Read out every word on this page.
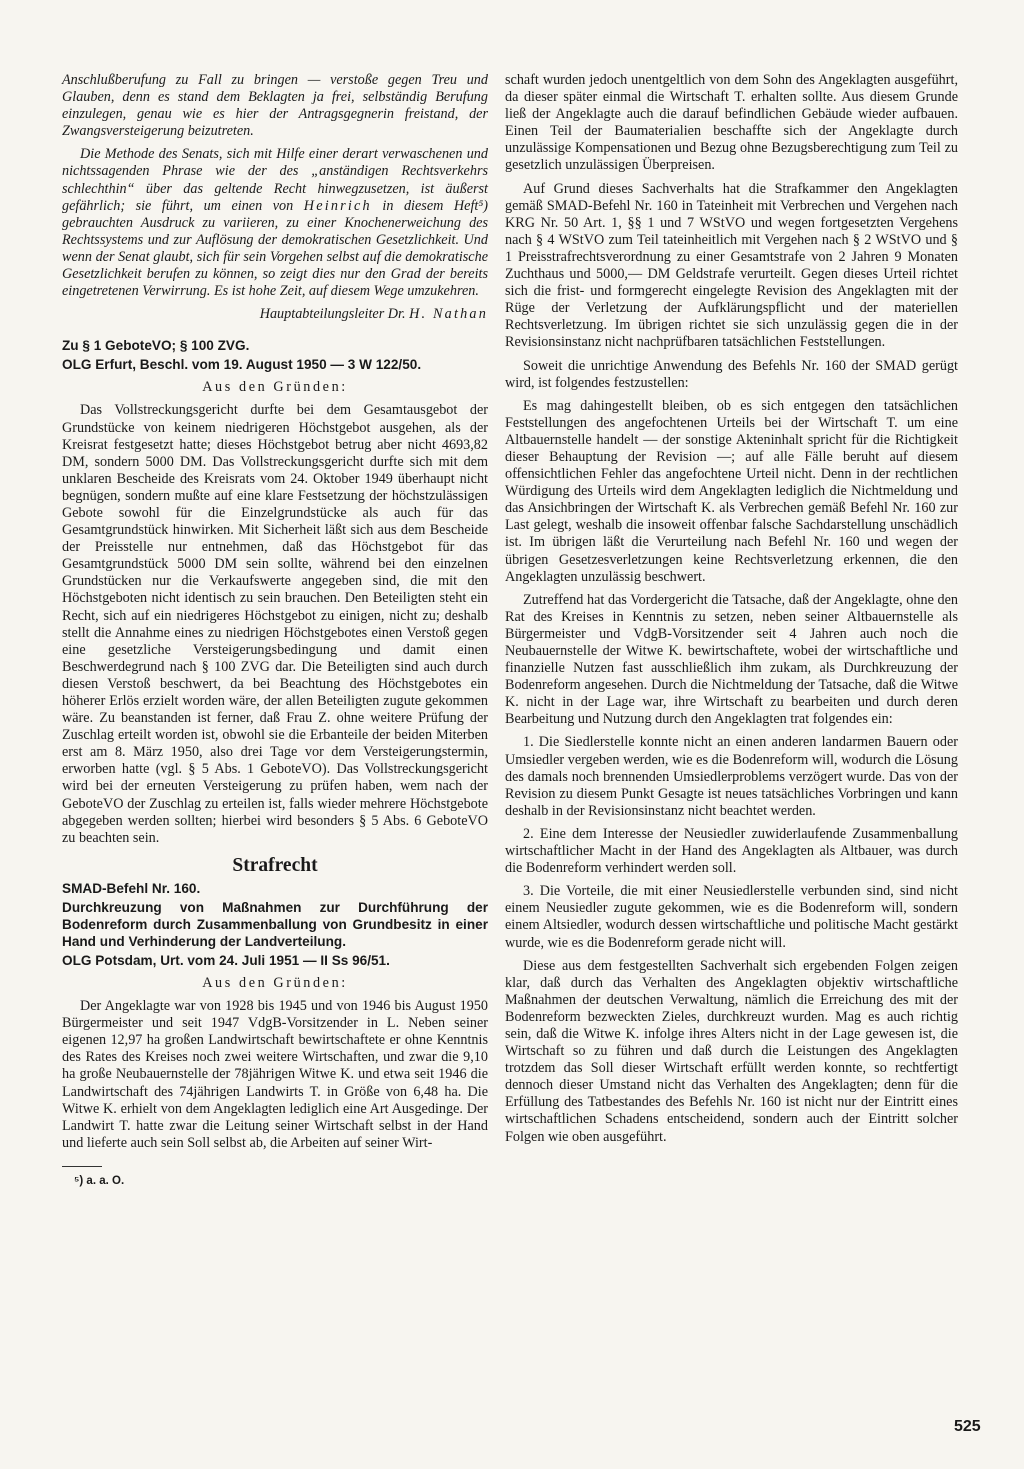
Anschlußberufung zu Fall zu bringen — verstoße gegen Treu und Glauben, denn es stand dem Beklagten ja frei, selbständig Berufung einzulegen, genau wie es hier der Antragsgegnerin freistand, der Zwangsversteigerung beizutreten.

Die Methode des Senats, sich mit Hilfe einer derart verwaschenen und nichtssagenden Phrase wie der des „anständigen Rechtsverkehrs schlechthin“ über das geltende Recht hinwegzusetzen, ist äußerst gefährlich; sie führt, um einen von Heinrich in diesem Heft⁵) gebrauchten Ausdruck zu variieren, zu einer Knochenerweichung des Rechtssystems und zur Auflösung der demokratischen Gesetzlichkeit. Und wenn der Senat glaubt, sich für sein Vorgehen selbst auf die demokratische Gesetzlichkeit berufen zu können, so zeigt dies nur den Grad der bereits eingetretenen Verwirrung. Es ist hohe Zeit, auf diesem Wege umzukehren.

Hauptabteilungsleiter Dr. H. Nathan
Zu § 1 GeboteVO; § 100 ZVG.
OLG Erfurt, Beschl. vom 19. August 1950 — 3 W 122/50.
Aus den Gründen:

Das Vollstreckungsgericht durfte bei dem Gesamtausgebot der Grundstücke von keinem niedrigeren Höchstgebot ausgehen, als der Kreisrat festgesetzt hatte; dieses Höchstgebot betrug aber nicht 4693,82 DM, sondern 5000 DM. Das Vollstreckungsgericht durfte sich mit dem unklaren Bescheide des Kreisrats vom 24. Oktober 1949 überhaupt nicht begnügen, sondern mußte auf eine klare Festsetzung der höchstzulässigen Gebote sowohl für die Einzelgrundstücke als auch für das Gesamtgrundstück hinwirken. Mit Sicherheit läßt sich aus dem Bescheide der Preisstelle nur entnehmen, daß das Höchstgebot für das Gesamtgrundstück 5000 DM sein sollte, während bei den einzelnen Grundstücken nur die Verkaufswerte angegeben sind, die mit den Höchstgeboten nicht identisch zu sein brauchen. Den Beteiligten steht ein Recht, sich auf ein niedrigeres Höchstgebot zu einigen, nicht zu; deshalb stellt die Annahme eines zu niedrigen Höchstgebotes einen Verstoß gegen eine gesetzliche Versteigerungsbedingung und damit einen Beschwerdegrund nach § 100 ZVG dar. Die Beteiligten sind auch durch diesen Verstoß beschwert, da bei Beachtung des Höchstgebotes ein höherer Erlös erzielt worden wäre, der allen Beteiligten zugute gekommen wäre. Zu beanstanden ist ferner, daß Frau Z. ohne weitere Prüfung der Zuschlag erteilt worden ist, obwohl sie die Erbanteile der beiden Miterben erst am 8. März 1950, also drei Tage vor dem Versteigerungstermin, erworben hatte (vgl. § 5 Abs. 1 GeboteVO). Das Vollstreckungsgericht wird bei der erneuten Versteigerung zu prüfen haben, wem nach der GeboteVO der Zuschlag zu erteilen ist, falls wieder mehrere Höchstgebote abgegeben werden sollten; hierbei wird besonders § 5 Abs. 6 GeboteVO zu beachten sein.

Strafrecht
SMAD-Befehl Nr. 160.
Durchkreuzung von Maßnahmen zur Durchführung der Bodenreform durch Zusammenballung von Grundbesitz in einer Hand und Verhinderung der Landverteilung.
OLG Potsdam, Urt. vom 24. Juli 1951 — II Ss 96/51.
Aus den Gründen:

Der Angeklagte war von 1928 bis 1945 und von 1946 bis August 1950 Bürgermeister und seit 1947 VdgB-Vorsitzender in L. Neben seiner eigenen 12,97 ha großen Landwirtschaft bewirtschaftete er ohne Kenntnis des Rates des Kreises noch zwei weitere Wirtschaften, und zwar die 9,10 ha große Neubauernstelle der 78jährigen Witwe K. und etwa seit 1946 die Landwirtschaft des 74jährigen Landwirts T. in Größe von 6,48 ha. Die Witwe K. erhielt von dem Angeklagten lediglich eine Art Ausgedinge. Der Landwirt T. hatte zwar die Leitung seiner Wirtschaft selbst in der Hand und lieferte auch sein Soll selbst ab, die Arbeiten auf seiner Wirt-

⁵) a. a. O.

schaft wurden jedoch unentgeltlich von dem Sohn des Angeklagten ausgeführt, da dieser später einmal die Wirtschaft T. erhalten sollte. Aus diesem Grunde ließ der Angeklagte auch die darauf befindlichen Gebäude wieder aufbauen. Einen Teil der Baumaterialien beschaffte sich der Angeklagte durch unzulässige Kompensationen und Bezug ohne Bezugsberechtigung zum Teil zu gesetzlich unzulässigen Überpreisen.

Auf Grund dieses Sachverhalts hat die Strafkammer den Angeklagten gemäß SMAD-Befehl Nr. 160 in Tateinheit mit Verbrechen und Vergehen nach KRG Nr. 50 Art. 1, §§ 1 und 7 WStVO und wegen fortgesetzten Vergehens nach § 4 WStVO zum Teil tateinheitlich mit Vergehen nach § 2 WStVO und § 1 Preisstrafrechtsverordnung zu einer Gesamtstrafe von 2 Jahren 9 Monaten Zuchthaus und 5000,— DM Geldstrafe verurteilt. Gegen dieses Urteil richtet sich die frist- und formgerecht eingelegte Revision des Angeklagten mit der Rüge der Verletzung der Aufklärungspflicht und der materiellen Rechtsverletzung. Im übrigen richtet sie sich unzulässig gegen die in der Revisionsinstanz nicht nachprüfbaren tatsächlichen Feststellungen.

Soweit die unrichtige Anwendung des Befehls Nr. 160 der SMAD gerügt wird, ist folgendes festzustellen:

Es mag dahingestellt bleiben, ob es sich entgegen den tatsächlichen Feststellungen des angefochtenen Urteils bei der Wirtschaft T. um eine Altbauernstelle handelt — der sonstige Akteninhalt spricht für die Richtigkeit dieser Behauptung der Revision —; auf alle Fälle beruht auf diesem offensichtlichen Fehler das angefochtene Urteil nicht. Denn in der rechtlichen Würdigung des Urteils wird dem Angeklagten lediglich die Nichtmeldung und das Ansichbringen der Wirtschaft K. als Verbrechen gemäß Befehl Nr. 160 zur Last gelegt, weshalb die insoweit offenbar falsche Sachdarstellung unschädlich ist. Im übrigen läßt die Verurteilung nach Befehl Nr. 160 und wegen der übrigen Gesetzesverletzungen keine Rechtsverletzung erkennen, die den Angeklagten unzulässig beschwert.

Zutreffend hat das Vordergericht die Tatsache, daß der Angeklagte, ohne den Rat des Kreises in Kenntnis zu setzen, neben seiner Altbauernstelle als Bürgermeister und VdgB-Vorsitzender seit 4 Jahren auch noch die Neubauernstelle der Witwe K. bewirtschaftete, wobei der wirtschaftliche und finanzielle Nutzen fast ausschließlich ihm zukam, als Durchkreuzung der Bodenreform angesehen. Durch die Nichtmeldung der Tatsache, daß die Witwe K. nicht in der Lage war, ihre Wirtschaft zu bearbeiten und durch deren Bearbeitung und Nutzung durch den Angeklagten trat folgendes ein:

1. Die Siedlerstelle konnte nicht an einen anderen landarmen Bauern oder Umsiedler vergeben werden, wie es die Bodenreform will, wodurch die Lösung des damals noch brennenden Umsiedlerproblems verzögert wurde. Das von der Revision zu diesem Punkt Gesagte ist neues tatsächliches Vorbringen und kann deshalb in der Revisionsinstanz nicht beachtet werden.

2. Eine dem Interesse der Neusiedler zuwiderlaufende Zusammenballung wirtschaftlicher Macht in der Hand des Angeklagten als Altbauer, was durch die Bodenreform verhindert werden soll.

3. Die Vorteile, die mit einer Neusiedlerstelle verbunden sind, sind nicht einem Neusiedler zugute gekommen, wie es die Bodenreform will, sondern einem Altsiedler, wodurch dessen wirtschaftliche und politische Macht gestärkt wurde, wie es die Bodenreform gerade nicht will.

Diese aus dem festgestellten Sachverhalt sich ergebenden Folgen zeigen klar, daß durch das Verhalten des Angeklagten objektiv wirtschaftliche Maßnahmen der deutschen Verwaltung, nämlich die Erreichung des mit der Bodenreform bezweckten Zieles, durchkreuzt wurden. Mag es auch richtig sein, daß die Witwe K. infolge ihres Alters nicht in der Lage gewesen ist, die Wirtschaft so zu führen und daß durch die Leistungen des Angeklagten trotzdem das Soll dieser Wirtschaft erfüllt werden konnte, so rechtfertigt dennoch dieser Umstand nicht das Verhalten des Angeklagten; denn für die Erfüllung des Tatbestandes des Befehls Nr. 160 ist nicht nur der Eintritt eines wirtschaftlichen Schadens entscheidend, sondern auch der Eintritt solcher Folgen wie oben ausgeführt.

525
